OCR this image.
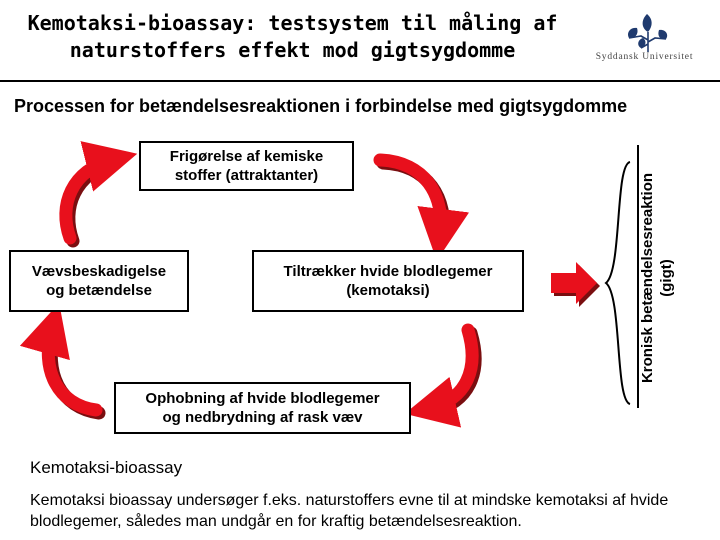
Kemotaksi-bioassay: testsystem til måling af
naturstoffers effekt mod gigtsygdomme	Syddansk Universitet
Processen for betændelsesreaktionen i forbindelse med gigtsygdomme
Frigørelse af kemiske
stoffer (attraktanter)
Vævsbeskadigelse
og betændelse
Tiltrækker hvide blodlegemer
(kemotaksi)
Ophobning af hvide blodlegemer
og nedbrydning af rask væv
Kronisk betændelsesreaktion
(gigt)
Kemotaksi-bioassay

Kemotaksi bioassay undersøger f.eks. naturstoffers evne til at mindske kemotaksi af hvide blodlegemer, således man undgår en for kraftig betændelsesreaktion.
